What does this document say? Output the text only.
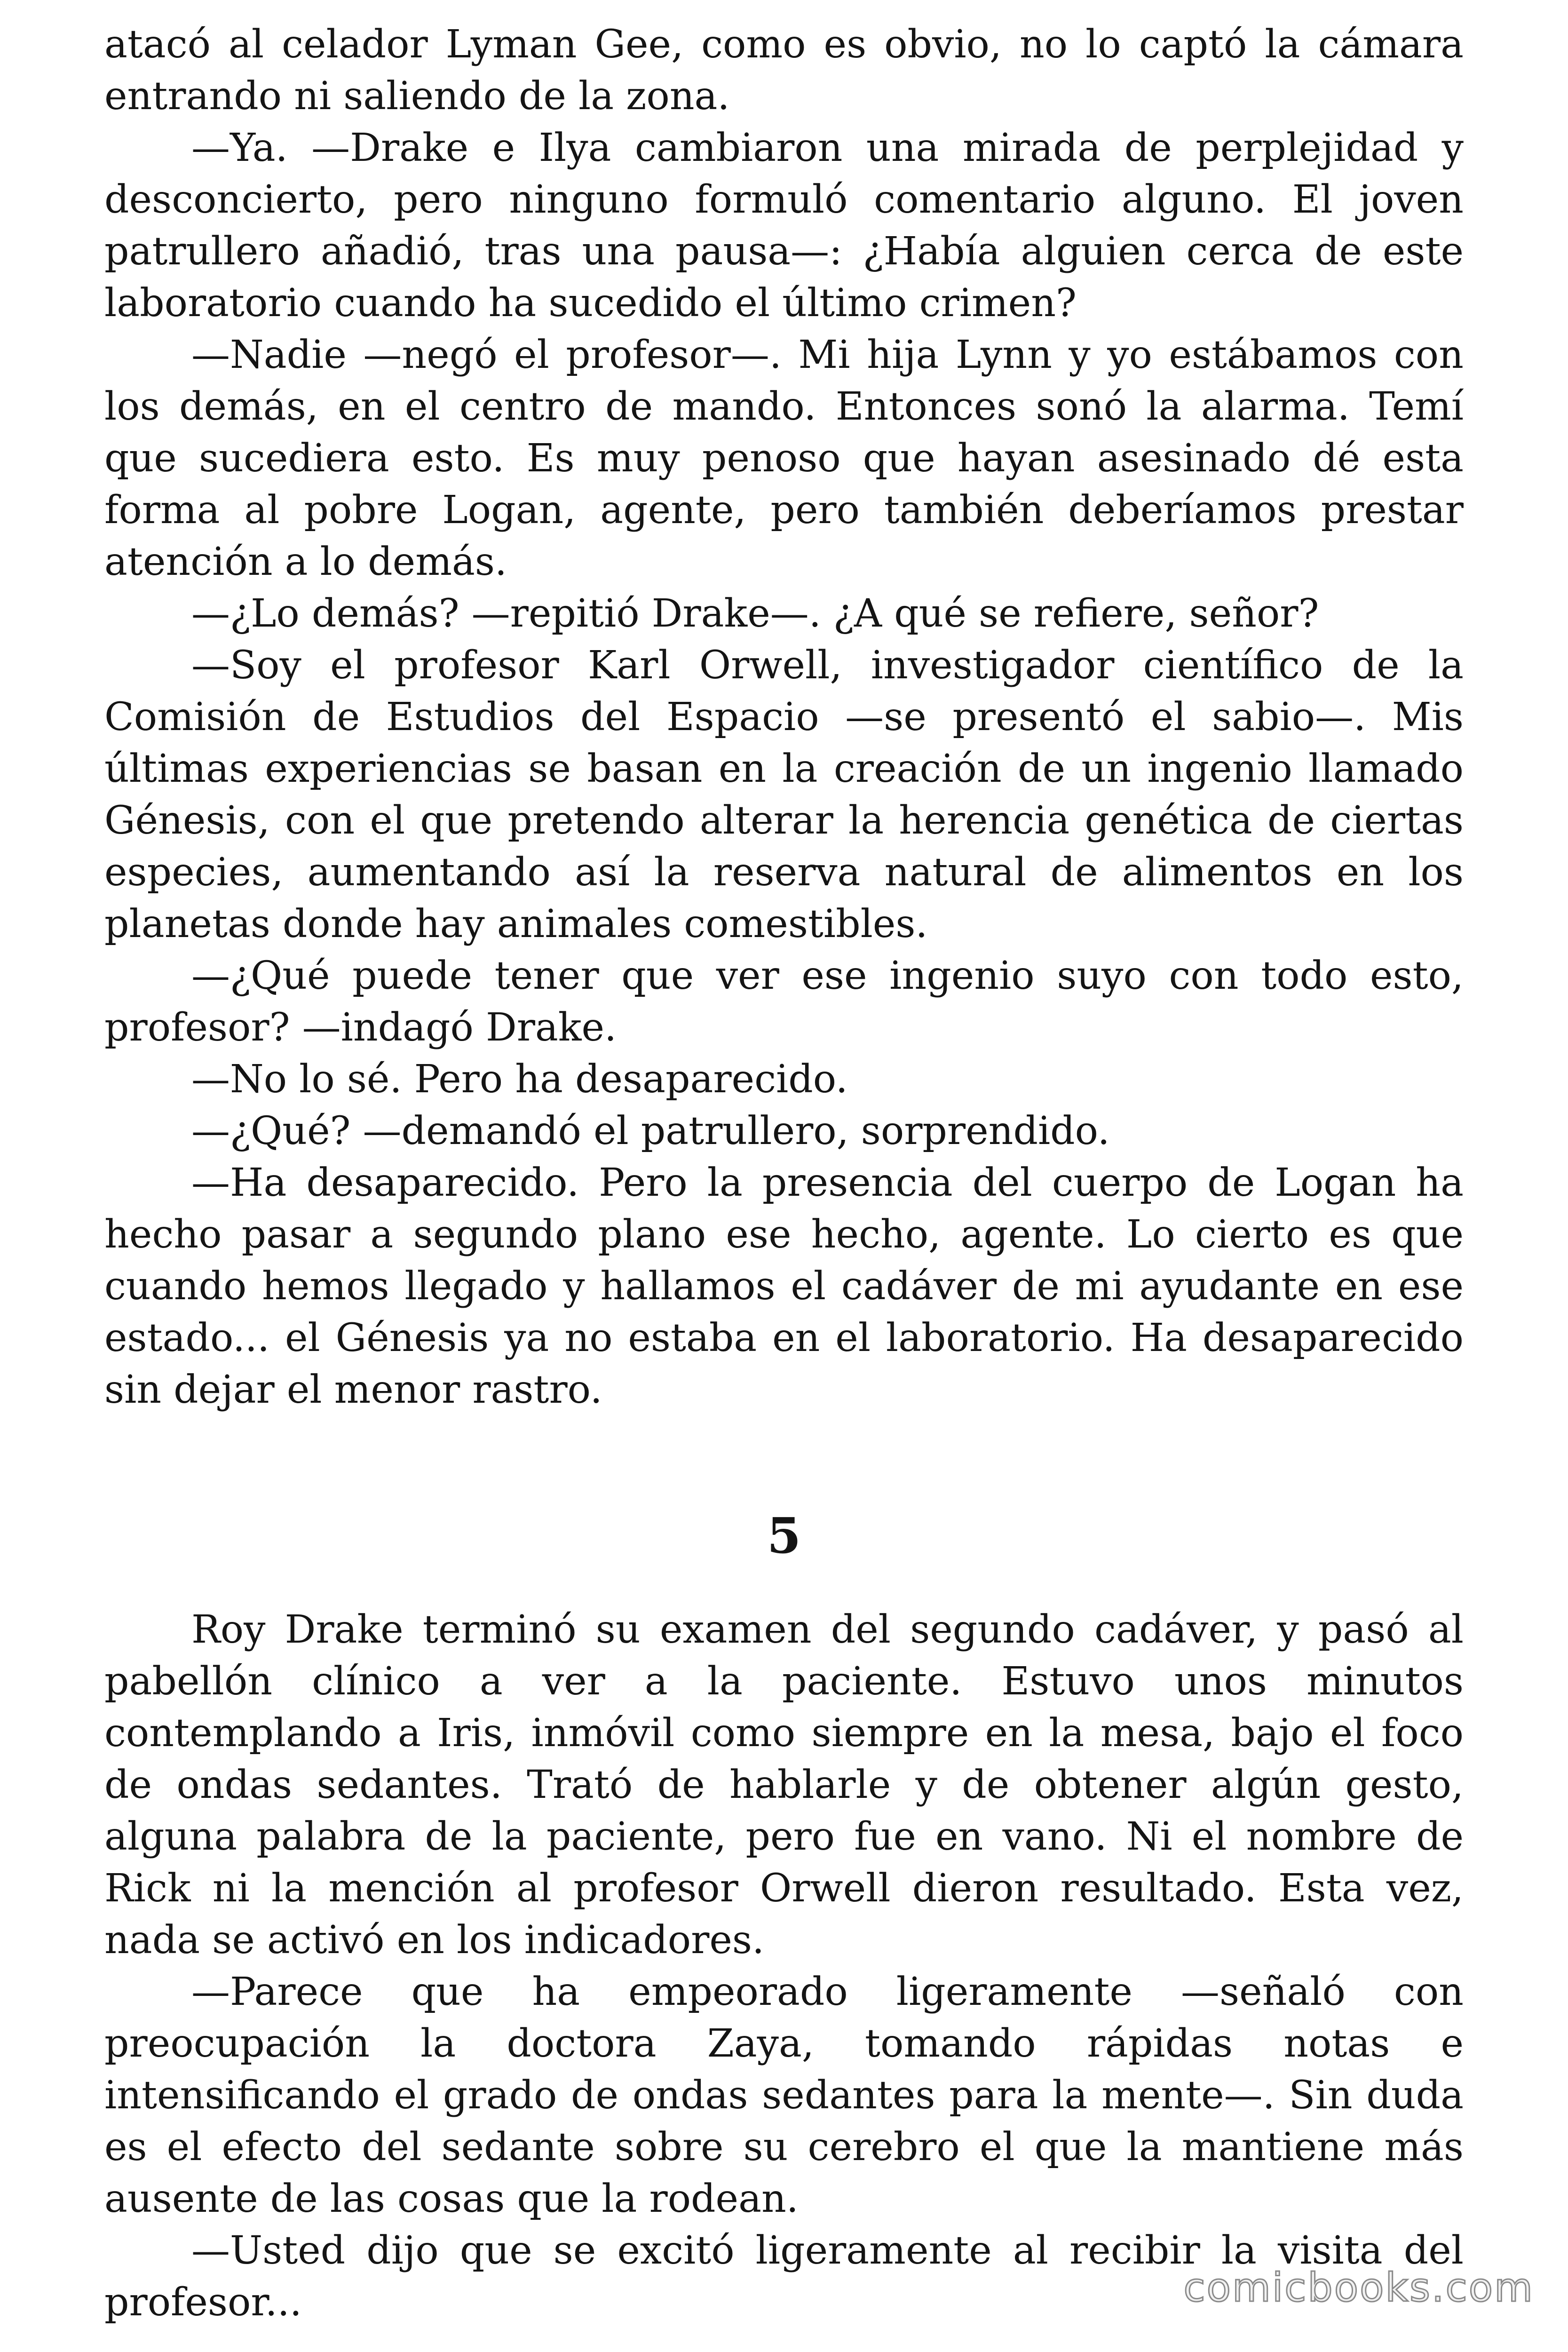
atacó al celador Lyman Gee, como es obvio, no lo captó la cámara entrando ni saliendo de la zona.

—Ya. —Drake e Ilya cambiaron una mirada de perplejidad y desconcierto, pero ninguno formuló comentario alguno. El joven patrullero añadió, tras una pausa—: ¿Había alguien cerca de este laboratorio cuando ha sucedido el último crimen?

—Nadie —negó el profesor—. Mi hija Lynn y yo estábamos con los demás, en el centro de mando. Entonces sonó la alarma. Temí que sucediera esto. Es muy penoso que hayan asesinado dé esta forma al pobre Logan, agente, pero también deberíamos prestar atención a lo demás.

—¿Lo demás? —repitió Drake—. ¿A qué se refiere, señor?

—Soy el profesor Karl Orwell, investigador científico de la Comisión de Estudios del Espacio —se presentó el sabio—. Mis últimas experiencias se basan en la creación de un ingenio llamado Génesis, con el que pretendo alterar la herencia genética de ciertas especies, aumentando así la reserva natural de alimentos en los planetas donde hay animales comestibles.

—¿Qué puede tener que ver ese ingenio suyo con todo esto, profesor? —indagó Drake.

—No lo sé. Pero ha desaparecido.

—¿Qué? —demandó el patrullero, sorprendido.

—Ha desaparecido. Pero la presencia del cuerpo de Logan ha hecho pasar a segundo plano ese hecho, agente. Lo cierto es que cuando hemos llegado y hallamos el cadáver de mi ayudante en ese estado... el Génesis ya no estaba en el laboratorio. Ha desaparecido sin dejar el menor rastro.

5

Roy Drake terminó su examen del segundo cadáver, y pasó al pabellón clínico a ver a la paciente. Estuvo unos minutos contemplando a Iris, inmóvil como siempre en la mesa, bajo el foco de ondas sedantes. Trató de hablarle y de obtener algún gesto, alguna palabra de la paciente, pero fue en vano. Ni el nombre de Rick ni la mención al profesor Orwell dieron resultado. Esta vez, nada se activó en los indicadores.

—Parece que ha empeorado ligeramente —señaló con preocupación la doctora Zaya, tomando rápidas notas e intensificando el grado de ondas sedantes para la mente—. Sin duda es el efecto del sedante sobre su cerebro el que la mantiene más ausente de las cosas que la rodean.

—Usted dijo que se excitó ligeramente al recibir la visita del profesor...	comicbooks.com
